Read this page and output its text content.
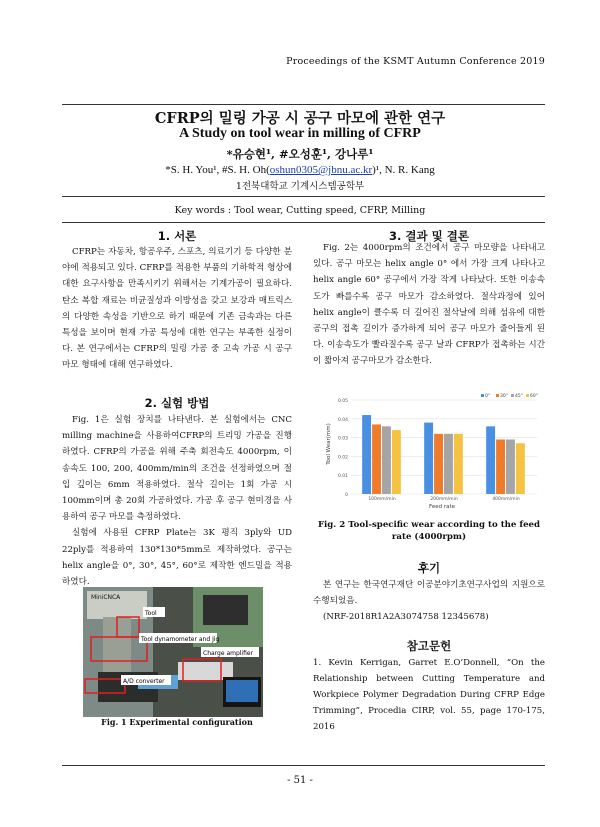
Proceedings of the KSMT Autumn Conference 2019
CFRP의 밀링 가공 시 공구 마모에 관한 연구
A Study on tool wear in milling of CFRP
*유승현¹, #오성훈¹, 강나루¹
*S. H. You¹, #S. H. Oh(oshun0305@jbnu.ac.kr)¹, N. R. Kang
1전북대학교 기계시스템공학부
Key words : Tool wear, Cutting speed, CFRP, Milling
1. 서론

CFRP는 자동차, 항공우주, 스포츠, 의료기기 등 다양한 분야에 적용되고 있다. CFRP를 적용한 부품의 기하학적 형상에 대한 요구사항을 만족시키기 위해서는 기계가공이 필요하다. 탄소 복합 재료는 비균질성과 이방성을 갖고 보강과 매트릭스의 다양한 속성을 기반으로 하기 때문에 기존 금속과는 다른 특성을 보이며 현재 가공 특성에 대한 연구는 부족한 실정이다. 본 연구에서는 CFRP의 밀링 가공 중 고속 가공 시 공구 마모 형태에 대해 연구하였다.

2. 실험 방법

Fig. 1은 실험 장치를 나타낸다. 본 실험에서는 CNC milling machine을 사용하여CFRP의 트리밍 가공을 진행하였다. CFRP의 가공을 위해 주축 회전속도 4000rpm, 이송속도 100, 200, 400mm/min의 조건을 선정하였으며 절입 깊이는 6mm 적용하였다. 절삭 길이는 1회 가공 시 100mm이며 총 20회 가공하였다. 가공 후 공구 현미경을 사용하여 공구 마모를 측정하였다.

실험에 사용된 CFRP Plate는 3K 평직 3ply와 UD 22ply를 적용하여 130*130*5mm로 제작하였다. 공구는 helix angle을 0°, 30°, 45°, 60°로 제작한 엔드밀을 적용하였다.

MiniCNCA
Tool
Tool dynamometer and Jig
Charge amplifier
A/D converter
Fig. 1 Experimental configuration
3. 결과 및 결론

Fig. 2는 4000rpm의 조건에서 공구 마모량을 나타내고 있다. 공구 마모는 helix angle 0° 에서 가장 크게 나타나고 helix angle 60° 공구에서 가장 작게 나타났다. 또한 이송속도가 빠를수록 공구 마모가 감소하였다. 절삭과정에 있어 helix angle이 클수록 더 길어진 절삭날에 의해 섬유에 대한 공구의 접촉 길이가 증가하게 되어 공구 마모가 줄어들게 된다. 이송속도가 빨라질수록 공구 날과 CFRP가 접촉하는 시간이 짧아져 공구마모가 감소한다.

0
0.01
0.02
0.03
0.04
0.05
100mm/min	200mm/min	400mm/min
0° 30° 45° 60°
Tool Wear(mm)
Feed rate
Fig. 2 Tool-specific wear according to the feed rate (4000rpm)
후기

본 연구는 한국연구재단 이공분야기초연구사업의 지원으로 수행되었음.

(NRF-2018R1A2A3074758 12345678)

참고문헌
1. Kevin Kerrigan, Garret E.O’Donnell, “On the Relationship between Cutting Temperature and Workpiece Polymer Degradation During CFRP Edge Trimming”, Procedia CIRP, vol. 55, page 170-175, 2016
- 51 -
